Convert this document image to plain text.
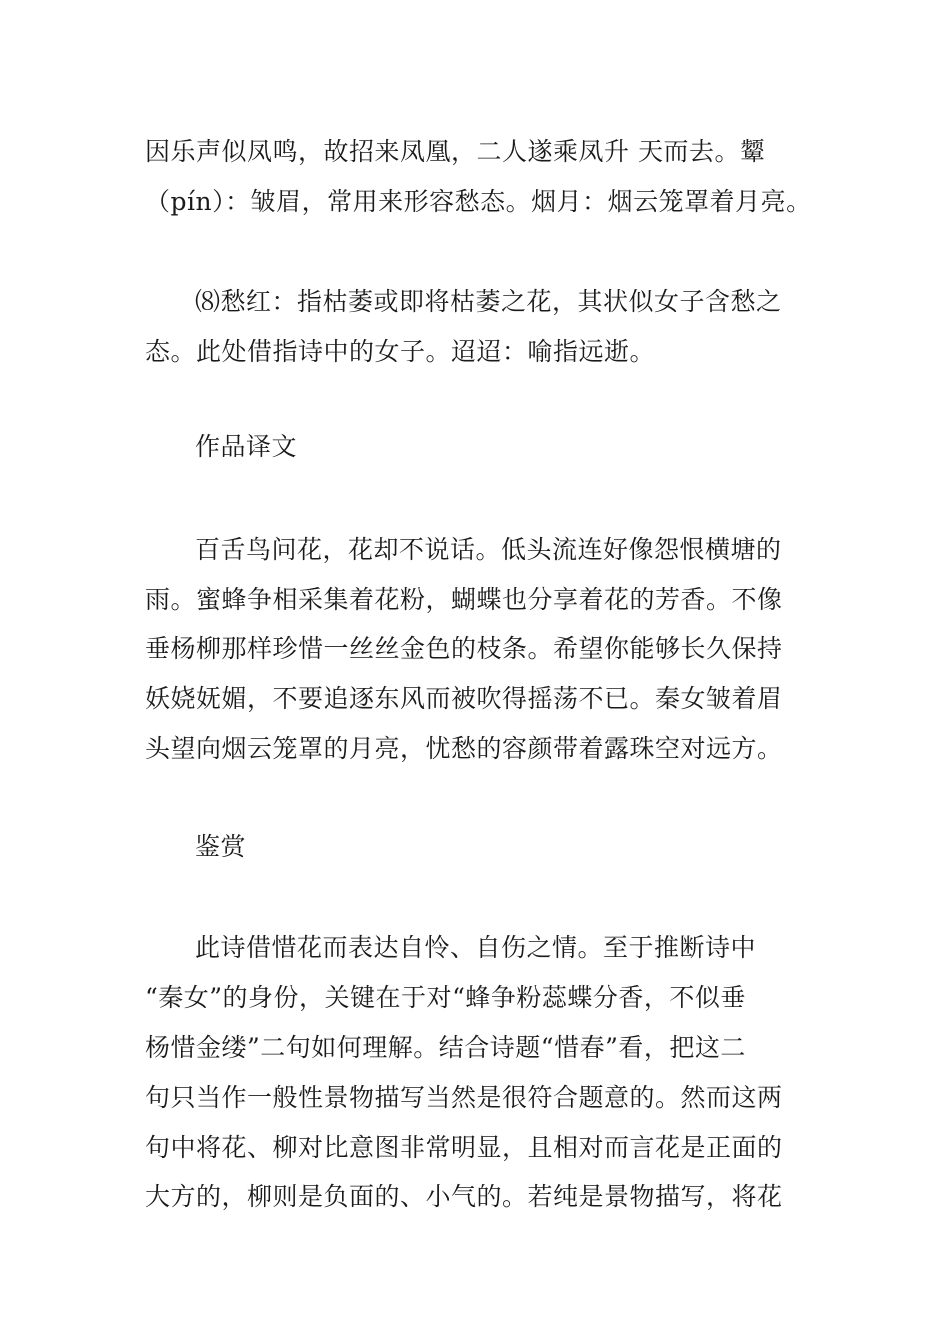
因乐声似凤鸣，故招来凤凰，二人遂乘凤升 天而去。颦
（pín）：皱眉，常用来形容愁态。烟月：烟云笼罩着月亮。
⑻愁红：指枯萎或即将枯萎之花，其状似女子含愁之
态。此处借指诗中的女子。迢迢：喻指远逝。
作品译文
百舌鸟问花，花却不说话。低头流连好像怨恨横塘的
雨。蜜蜂争相采集着花粉，蝴蝶也分享着花的芳香。不像
垂杨柳那样珍惜一丝丝金色的枝条。希望你能够长久保持
妖娆妩媚，不要追逐东风而被吹得摇荡不已。秦女皱着眉
头望向烟云笼罩的月亮，忧愁的容颜带着露珠空对远方。
鉴赏
此诗借惜花而表达自怜、自伤之情。至于推断诗中
“秦女”的身份，关键在于对“蜂争粉蕊蝶分香，不似垂
杨惜金缕”二句如何理解。结合诗题“惜春”看，把这二
句只当作一般性景物描写当然是很符合题意的。然而这两
句中将花、柳对比意图非常明显，且相对而言花是正面的
大方的，柳则是负面的、小气的。若纯是景物描写，将花
